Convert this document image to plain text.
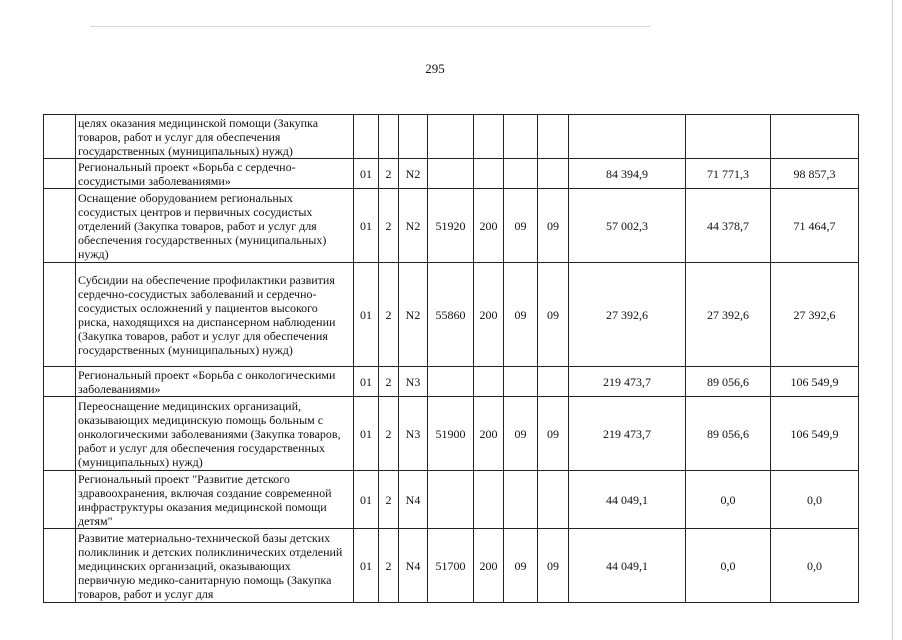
295
	целях оказания медицинской помощи (Закупка товаров, работ и услуг для обеспечения государственных (муниципальных) нужд)										
	Региональный проект «Борьба с сердечно-сосудистыми заболеваниями»	01	2	N2					84 394,9	71 771,3	98 857,3
	Оснащение оборудованием региональных сосудистых центров и первичных сосудистых отделений (Закупка товаров, работ и услуг для обеспечения государственных (муниципальных) нужд)	01	2	N2	51920	200	09	09	57 002,3	44 378,7	71 464,7
	Субсидии на обеспечение профилактики развития сердечно-сосудистых заболеваний и сердечно-сосудистых осложнений у пациентов высокого риска, находящихся на диспансерном наблюдении (Закупка товаров, работ и услуг для обеспечения государственных (муниципальных) нужд)	01	2	N2	55860	200	09	09	27 392,6	27 392,6	27 392,6
	Региональный проект «Борьба с онкологическими заболеваниями»	01	2	N3					219 473,7	89 056,6	106 549,9
	Переоснащение медицинских организаций, оказывающих медицинскую помощь больным с онкологическими заболеваниями (Закупка товаров, работ и услуг для обеспечения государственных (муниципальных) нужд)	01	2	N3	51900	200	09	09	219 473,7	89 056,6	106 549,9
	Региональный проект "Развитие детского здравоохранения, включая создание современной инфраструктуры оказания медицинской помощи детям"	01	2	N4					44 049,1	0,0	0,0
	Развитие материально-технической базы детских поликлиник и детских поликлинических отделений медицинских организаций, оказывающих первичную медико-санитарную помощь (Закупка товаров, работ и услуг для	01	2	N4	51700	200	09	09	44 049,1	0,0	0,0
